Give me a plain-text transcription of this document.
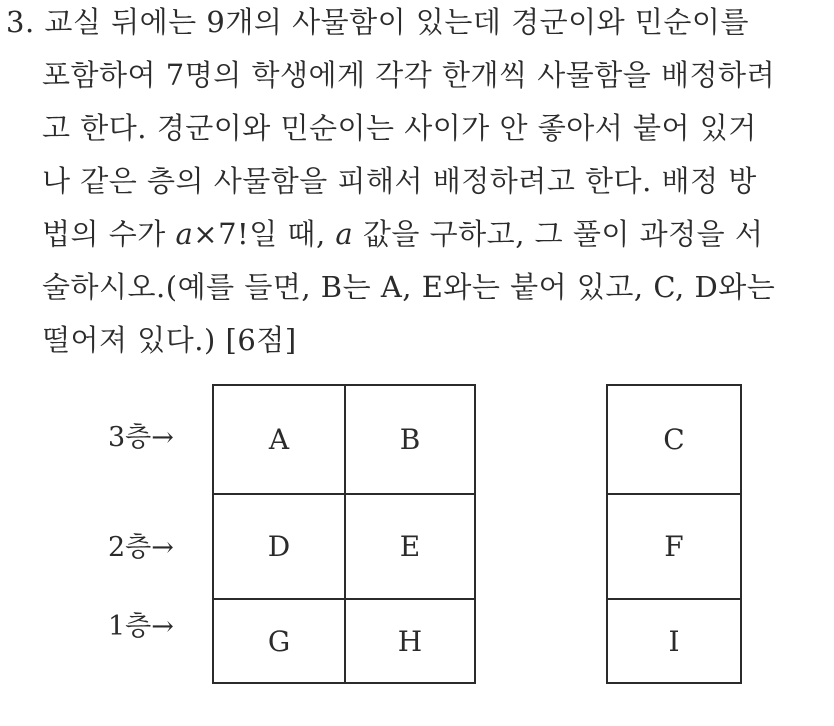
3. 교실 뒤에는 9개의 사물함이 있는데 경군이와 민순이를
포함하여 7명의 학생에게 각각 한개씩 사물함을 배정하려
고 한다. 경군이와 민순이는 사이가 안 좋아서 붙어 있거
나 같은 층의 사물함을 피해서 배정하려고 한다. 배정 방
법의 수가 a×7!일 때, a 값을 구하고, 그 풀이 과정을 서
술하시오.(예를 들면, B는 A, E와는 붙어 있고, C, D와는
떨어져 있다.) [6점]
3층→
2층→
1층→
A	B
D	E
G	H
C
F
I
